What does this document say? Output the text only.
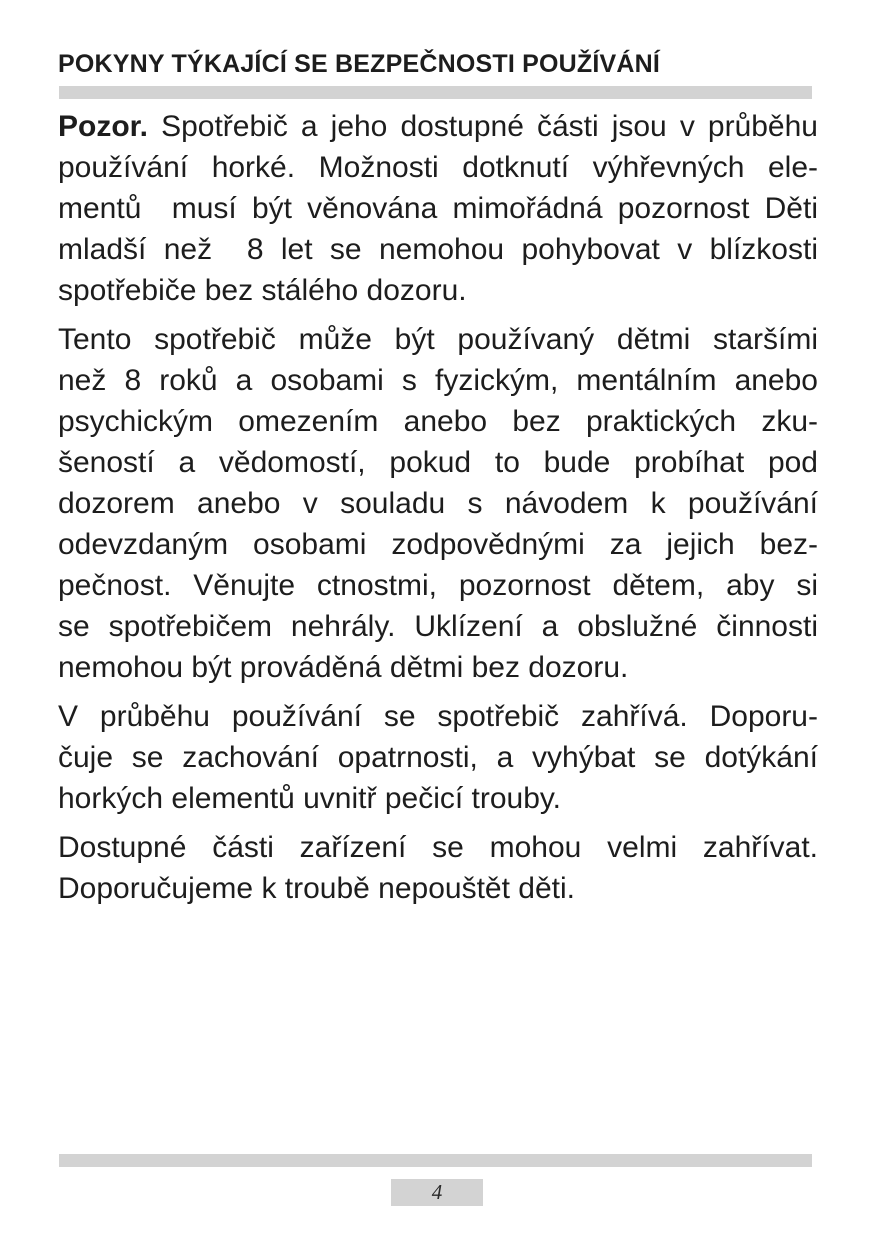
POKYNY TÝKAJÍCÍ SE BEZPEČNOSTI POUŽÍVÁNÍ
Pozor. Spotřebič a jeho dostupné části jsou v průběhu
používání horké. Možnosti dotknutí výhřevných ele-
mentů  musí být věnována mimořádná pozornost Děti
mladší než  8 let se nemohou pohybovat v blízkosti
spotřebiče bez stálého dozoru.
Tento spotřebič může být používaný dětmi staršími
než 8 roků a osobami s fyzickým, mentálním anebo
psychickým omezením anebo bez praktických zku-
šeností a vědomostí, pokud to bude probíhat pod
dozorem anebo v souladu s návodem k používání
odevzdaným osobami zodpovědnými za jejich bez-
pečnost. Věnujte ctnostmi, pozornost dětem, aby si
se spotřebičem nehrály. Uklízení a obslužné činnosti
nemohou být prováděná dětmi bez dozoru.
V průběhu používání se spotřebič zahřívá. Doporu-
čuje se zachování opatrnosti, a vyhýbat se dotýkání
horkých elementů uvnitř pečicí trouby.
Dostupné části zařízení se mohou velmi zahřívat.
Doporučujeme k troubě nepouštět děti.
4
